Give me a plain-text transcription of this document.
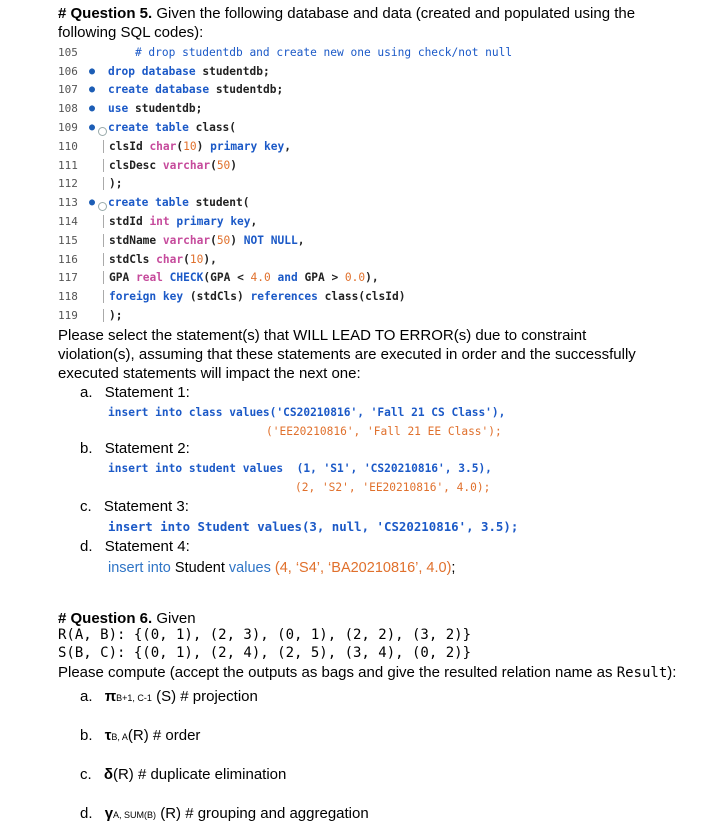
# Question 5. Given the following database and data (created and populated using the following SQL codes):
105	# drop studentdb and create new one using check/not null
106	●	drop database studentdb;
107	●	create database studentdb;
108	●	use studentdb;
109	●	create table class(
110	clsId char(10) primary key,
111	clsDesc varchar(50)
112	);
113	●	create table student(
114	stdId int primary key,
115	stdName varchar(50) NOT NULL,
116	stdCls char(10),
117	GPA real CHECK(GPA < 4.0 and GPA > 0.0),
118	foreign key (stdCls) references class(clsId)
119	);
Please select the statement(s) that WILL LEAD TO ERROR(s) due to constraint violation(s), assuming that these statements are executed in order and the successfully executed statements will impact the next one:
a. Statement 1:
insert into class values('CS20210816', 'Fall 21 CS Class'),
('EE20210816', 'Fall 21 EE Class');
b. Statement 2:
insert into student values  (1, 'S1', 'CS20210816', 3.5),
(2, 'S2', 'EE20210816', 4.0);
c. Statement 3:
insert into Student values(3, null, 'CS20210816', 3.5);
d. Statement 4:
insert into Student values (4, ‘S4’, ‘BA20210816’, 4.0);
# Question 6. Given
R(A, B): {(0, 1), (2, 3), (0, 1), (2, 2), (3, 2)}
S(B, C): {(0, 1), (2, 4), (2, 5), (3, 4), (0, 2)}
Please compute (accept the outputs as bags and give the resulted relation name as Result):
a. πB+1, C-1 (S) # projection
b. τB, A(R) # order
c. δ(R) # duplicate elimination
d. γA, SUM(B) (R) # grouping and aggregation
